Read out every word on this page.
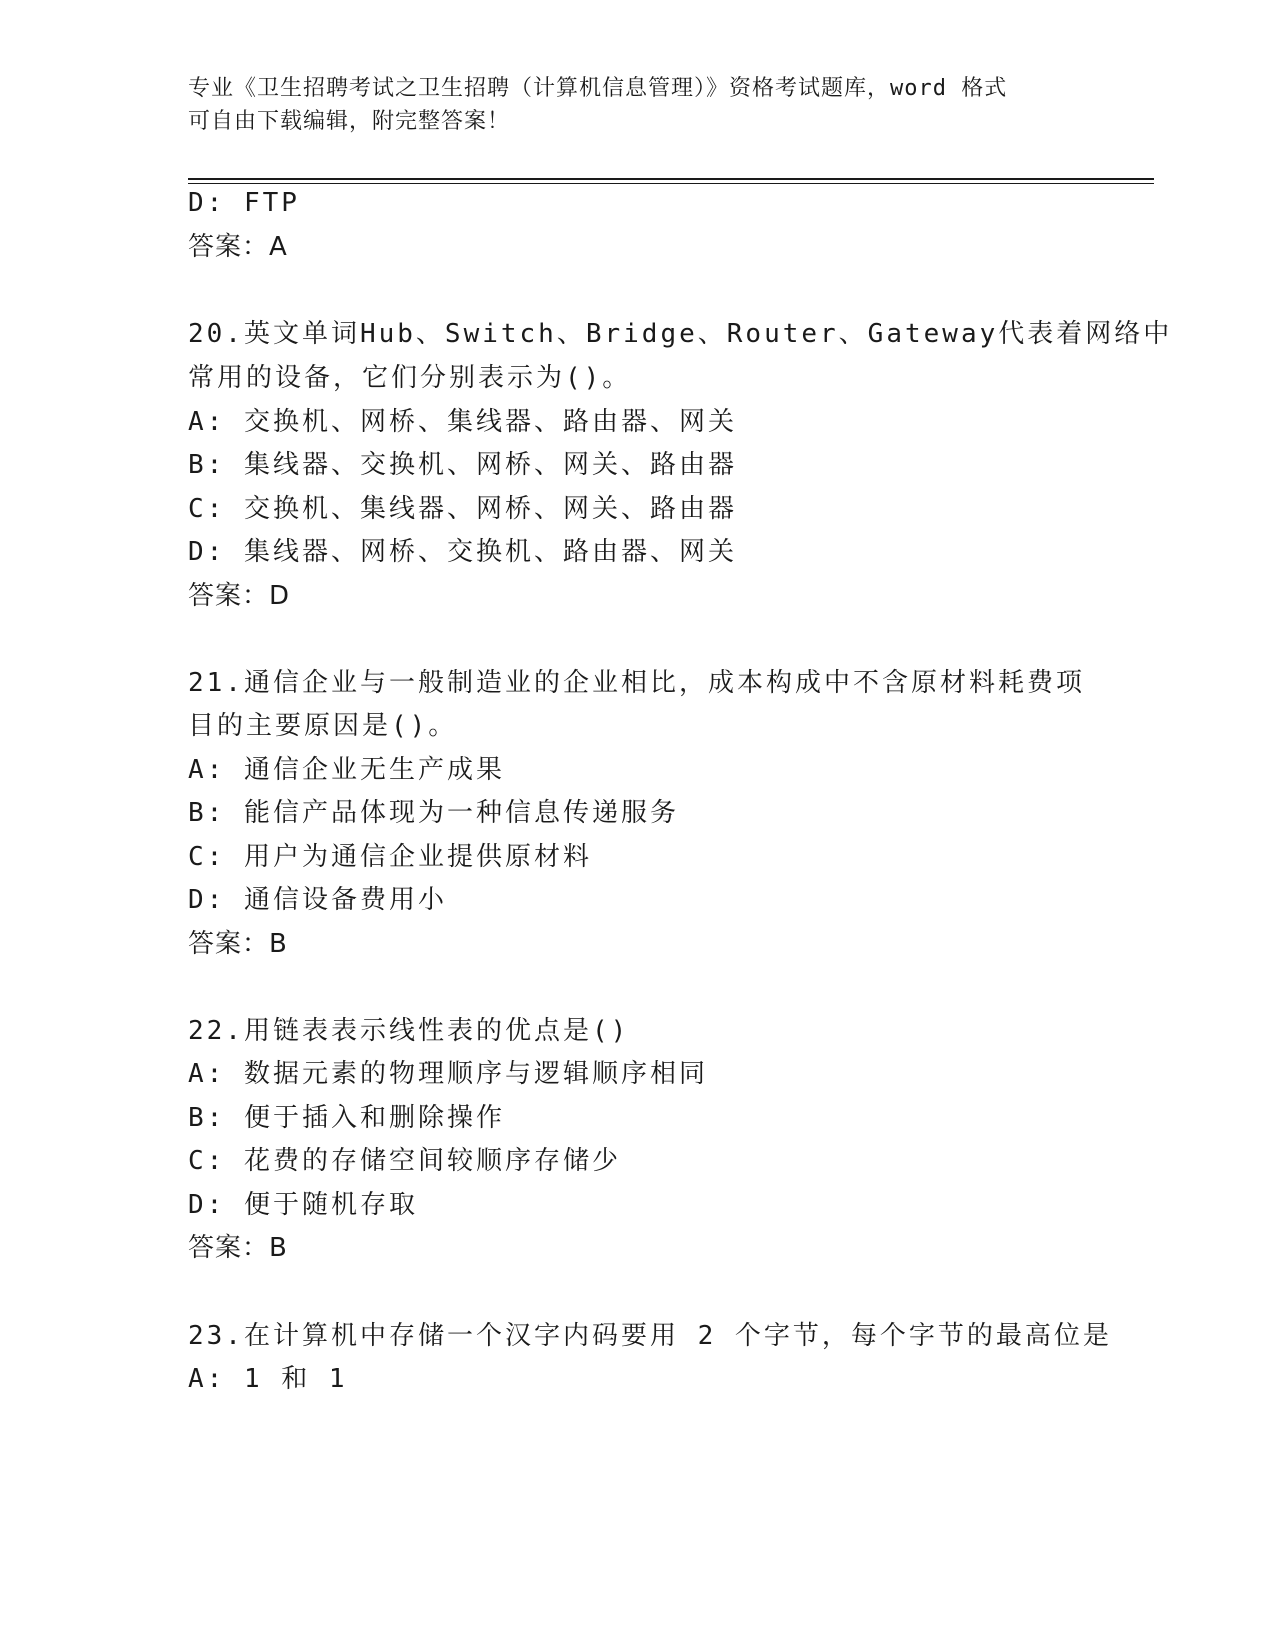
专业《卫生招聘考试之卫生招聘（计算机信息管理）》资格考试题库，word 格式
可自由下载编辑，附完整答案！
D: FTP
答案：A
20.英文单词Hub、Switch、Bridge、Router、Gateway代表着网络中
常用的设备，它们分别表示为()。
A: 交换机、网桥、集线器、路由器、网关
B: 集线器、交换机、网桥、网关、路由器
C: 交换机、集线器、网桥、网关、路由器
D: 集线器、网桥、交换机、路由器、网关
答案：D
21.通信企业与一般制造业的企业相比，成本构成中不含原材料耗费项
目的主要原因是()。
A: 通信企业无生产成果
B: 能信产品体现为一种信息传递服务
C: 用户为通信企业提供原材料
D: 通信设备费用小
答案：B
22.用链表表示线性表的优点是()
A: 数据元素的物理顺序与逻辑顺序相同
B: 便于插入和删除操作
C: 花费的存储空间较顺序存储少
D: 便于随机存取
答案：B
23.在计算机中存储一个汉字内码要用 2 个字节，每个字节的最高位是
A: 1 和 1
